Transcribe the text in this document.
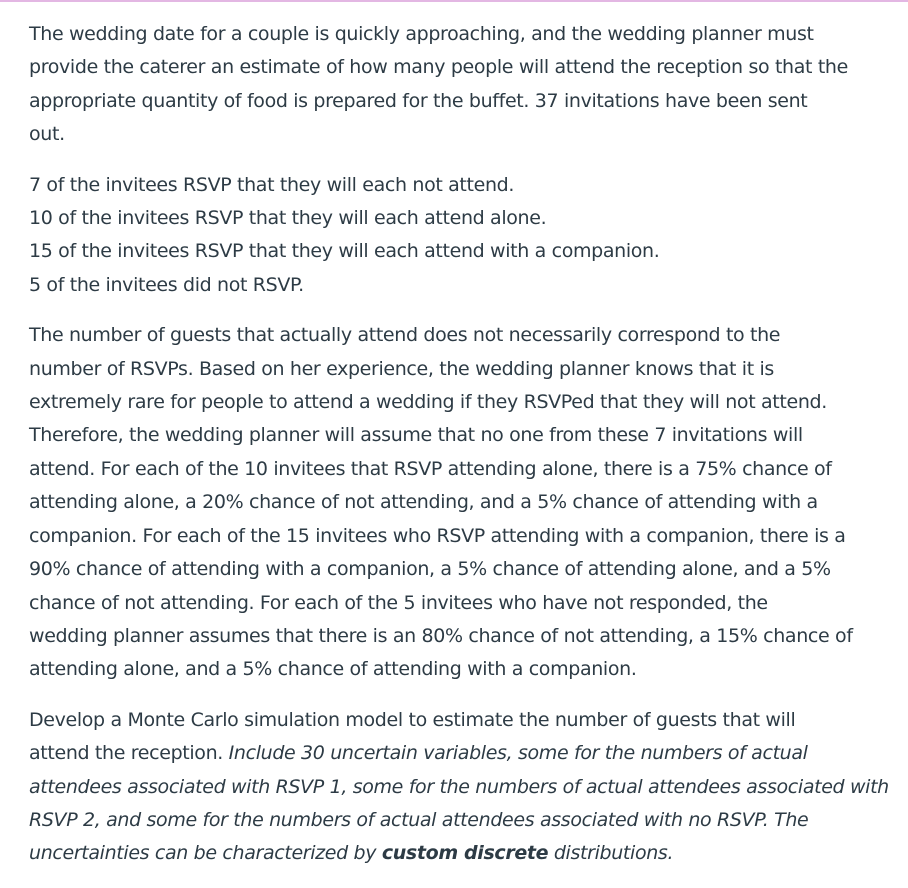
The wedding date for a couple is quickly approaching, and the wedding planner must
provide the caterer an estimate of how many people will attend the reception so that the
appropriate quantity of food is prepared for the buffet. 37 invitations have been sent
out.
7 of the invitees RSVP that they will each not attend.
10 of the invitees RSVP that they will each attend alone.
15 of the invitees RSVP that they will each attend with a companion.
5 of the invitees did not RSVP.
The number of guests that actually attend does not necessarily correspond to the
number of RSVPs. Based on her experience, the wedding planner knows that it is
extremely rare for people to attend a wedding if they RSVPed that they will not attend.
Therefore, the wedding planner will assume that no one from these 7 invitations will
attend. For each of the 10 invitees that RSVP attending alone, there is a 75% chance of
attending alone, a 20% chance of not attending, and a 5% chance of attending with a
companion. For each of the 15 invitees who RSVP attending with a companion, there is a
90% chance of attending with a companion, a 5% chance of attending alone, and a 5%
chance of not attending. For each of the 5 invitees who have not responded, the
wedding planner assumes that there is an 80% chance of not attending, a 15% chance of
attending alone, and a 5% chance of attending with a companion.
Develop a Monte Carlo simulation model to estimate the number of guests that will
attend the reception. Include 30 uncertain variables, some for the numbers of actual
attendees associated with RSVP 1, some for the numbers of actual attendees associated with
RSVP 2, and some for the numbers of actual attendees associated with no RSVP. The
uncertainties can be characterized by custom discrete distributions.
